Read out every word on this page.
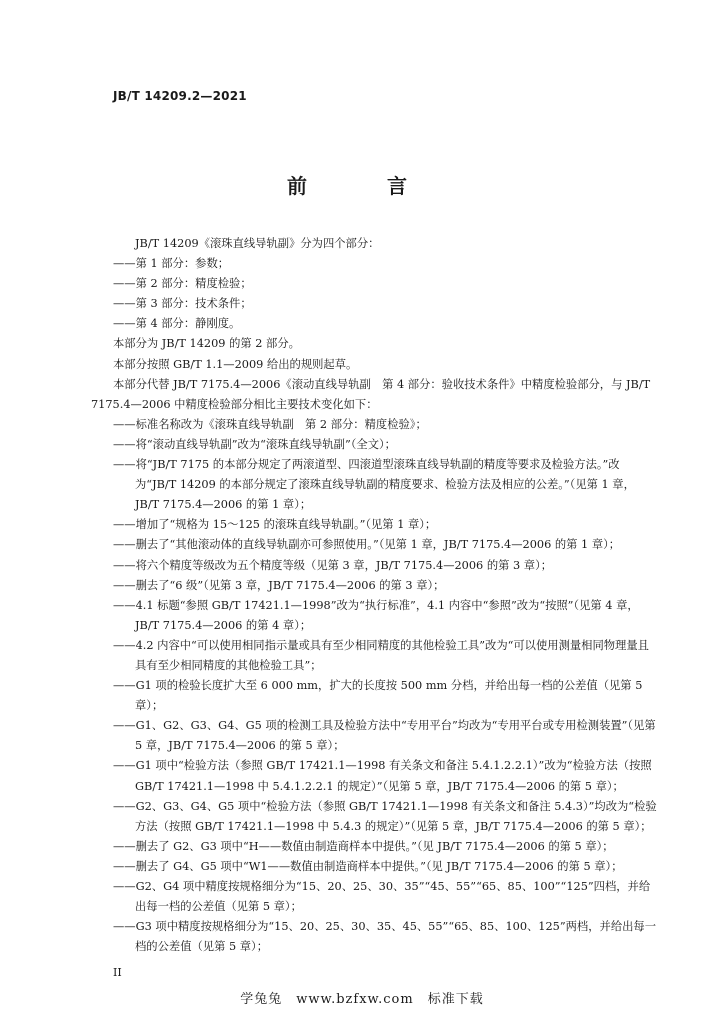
JB/T 14209.2—2021
前　言
JB/T 14209《滚珠直线导轨副》分为四个部分：
——第 1 部分：参数；
——第 2 部分：精度检验；
——第 3 部分：技术条件；
——第 4 部分：静刚度。
本部分为 JB/T 14209 的第 2 部分。
本部分按照 GB/T 1.1—2009 给出的规则起草。
本部分代替 JB/T 7175.4—2006《滚动直线导轨副　第 4 部分：验收技术条件》中精度检验部分，与 JB/T 7175.4—2006 中精度检验部分相比主要技术变化如下：
——标准名称改为《滚珠直线导轨副　第 2 部分：精度检验》；
——将“滚动直线导轨副”改为“滚珠直线导轨副”（全文）；
——将“JB/T 7175 的本部分规定了两滚道型、四滚道型滚珠直线导轨副的精度等要求及检验方法。”改为“JB/T 14209 的本部分规定了滚珠直线导轨副的精度要求、检验方法及相应的公差。”（见第 1 章，JB/T 7175.4—2006 的第 1 章）；
——增加了“规格为 15～125 的滚珠直线导轨副。”（见第 1 章）；
——删去了“其他滚动体的直线导轨副亦可参照使用。”（见第 1 章，JB/T 7175.4—2006 的第 1 章）；
——将六个精度等级改为五个精度等级（见第 3 章，JB/T 7175.4—2006 的第 3 章）；
——删去了“6 级”（见第 3 章，JB/T 7175.4—2006 的第 3 章）；
——4.1 标题“参照 GB/T 17421.1—1998”改为“执行标准”，4.1 内容中“参照”改为“按照”（见第 4 章，JB/T 7175.4—2006 的第 4 章）；
——4.2 内容中“可以使用相同指示量或具有至少相同精度的其他检验工具”改为“可以使用测量相同物理量且具有至少相同精度的其他检验工具”；
——G1 项的检验长度扩大至 6 000 mm，扩大的长度按 500 mm 分档，并给出每一档的公差值（见第 5 章）；
——G1、G2、G3、G4、G5 项的检测工具及检验方法中“专用平台”均改为“专用平台或专用检测装置”（见第 5 章，JB/T 7175.4—2006 的第 5 章）；
——G1 项中“检验方法（参照 GB/T 17421.1—1998 有关条文和备注 5.4.1.2.2.1）”改为“检验方法（按照 GB/T 17421.1—1998 中 5.4.1.2.2.1 的规定）”（见第 5 章，JB/T 7175.4—2006 的第 5 章）；
——G2、G3、G4、G5 项中“检验方法（参照 GB/T 17421.1—1998 有关条文和备注 5.4.3）”均改为“检验方法（按照 GB/T 17421.1—1998 中 5.4.3 的规定）”（见第 5 章，JB/T 7175.4—2006 的第 5 章）；
——删去了 G2、G3 项中“H——数值由制造商样本中提供。”（见 JB/T 7175.4—2006 的第 5 章）；
——删去了 G4、G5 项中“W1——数值由制造商样本中提供。”（见 JB/T 7175.4—2006 的第 5 章）；
——G2、G4 项中精度按规格细分为“15、20、25、30、35”“45、55”“65、85、100”“125”四档，并给出每一档的公差值（见第 5 章）；
——G3 项中精度按规格细分为“15、20、25、30、35、45、55”“65、85、100、125”两档，并给出每一档的公差值（见第 5 章）；
II
学兔兔　www.bzfxw.com　标准下载
